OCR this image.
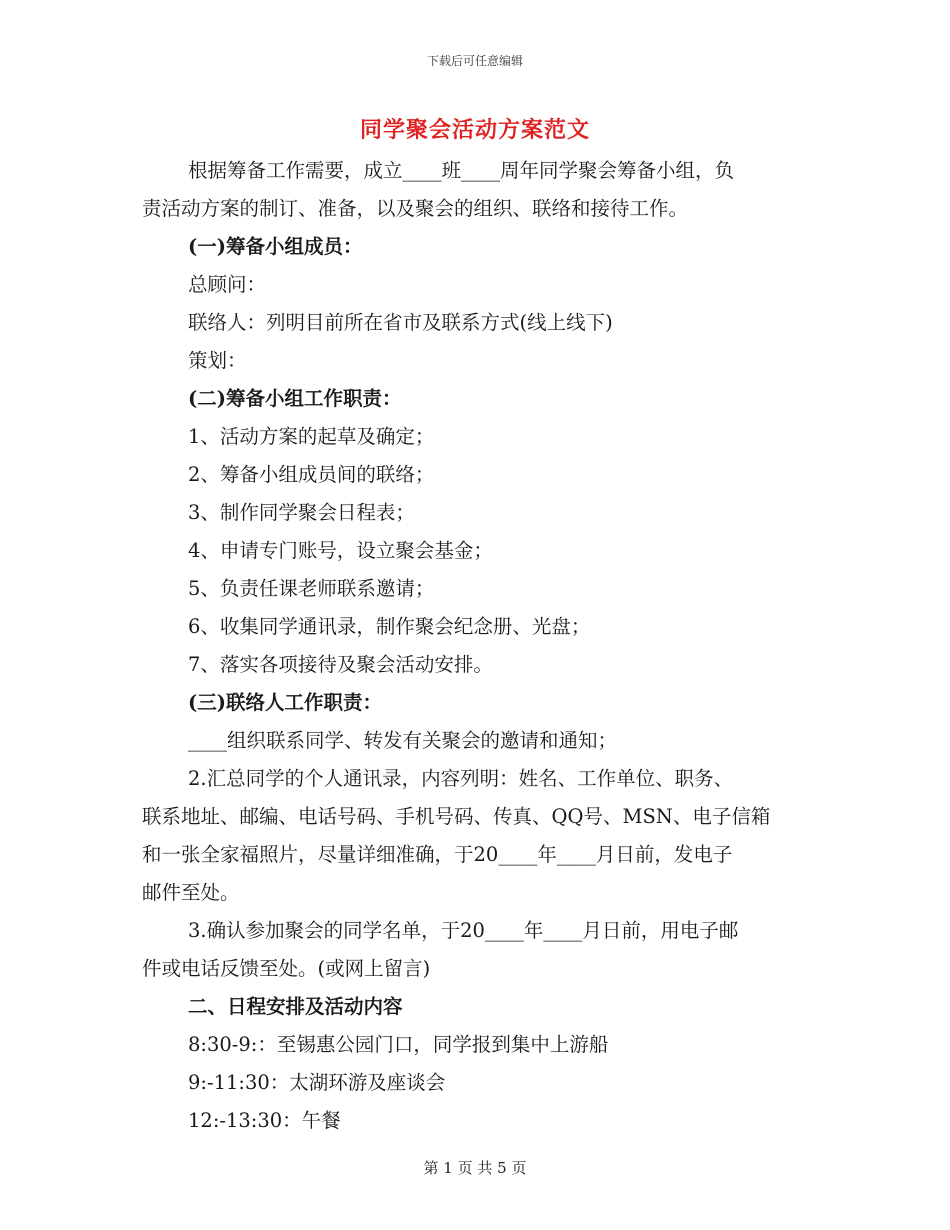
下载后可任意编辑
同学聚会活动方案范文

根据筹备工作需要，成立____班____周年同学聚会筹备小组，负

责活动方案的制订、准备，以及聚会的组织、联络和接待工作。

(一)筹备小组成员：

总顾问：

联络人：列明目前所在省市及联系方式(线上线下)

策划：

(二)筹备小组工作职责：

1、活动方案的起草及确定；

2、筹备小组成员间的联络；

3、制作同学聚会日程表；

4、申请专门账号，设立聚会基金；

5、负责任课老师联系邀请；

6、收集同学通讯录，制作聚会纪念册、光盘；

7、落实各项接待及聚会活动安排。

(三)联络人工作职责：

____组织联系同学、转发有关聚会的邀请和通知；

2.汇总同学的个人通讯录，内容列明：姓名、工作单位、职务、

联系地址、邮编、电话号码、手机号码、传真、QQ号、MSN、电子信箱

和一张全家福照片，尽量详细准确，于20____年____月日前，发电子

邮件至处。

3.确认参加聚会的同学名单，于20____年____月日前，用电子邮

件或电话反馈至处。(或网上留言)

二、日程安排及活动内容

8:30-9:：至锡惠公园门口，同学报到集中上游船

9:-11:30：太湖环游及座谈会

12:-13:30：午餐

第 1 页 共 5 页
